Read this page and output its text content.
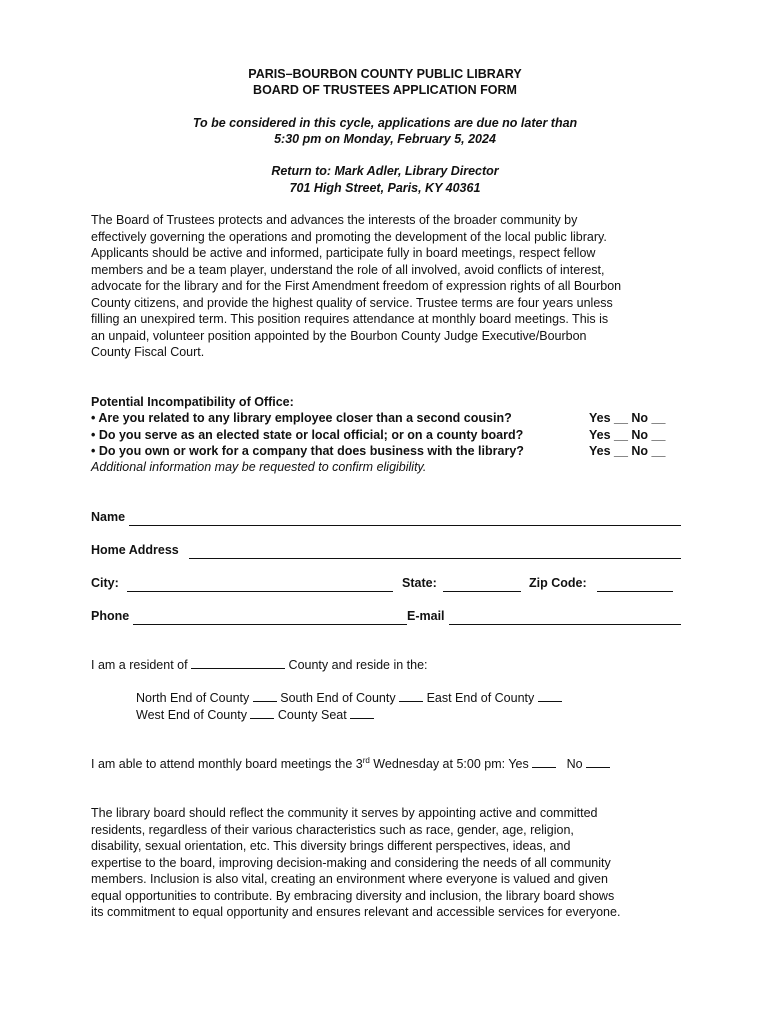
PARIS–BOURBON COUNTY PUBLIC LIBRARY
BOARD OF TRUSTEES APPLICATION FORM
To be considered in this cycle, applications are due no later than
5:30 pm on Monday, February 5, 2024
Return to: Mark Adler, Library Director
701 High Street, Paris, KY 40361
The Board of Trustees protects and advances the interests of the broader community by
effectively governing the operations and promoting the development of the local public library.
Applicants should be active and informed, participate fully in board meetings, respect fellow
members and be a team player, understand the role of all involved, avoid conflicts of interest,
advocate for the library and for the First Amendment freedom of expression rights of all Bourbon
County citizens, and provide the highest quality of service. Trustee terms are four years unless
filling an unexpired term. This position requires attendance at monthly board meetings. This is
an unpaid, volunteer position appointed by the Bourbon County Judge Executive/Bourbon
County Fiscal Court.
Potential Incompatibility of Office:
• Are you related to any library employee closer than a second cousin?	Yes __ No __
• Do you serve as an elected state or local official; or on a county board?	Yes __ No __
• Do you own or work for a company that does business with the library?	Yes __ No __
Additional information may be requested to confirm eligibility.
Name
Home Address
City:	State:	Zip Code:
Phone	E-mail
I am a resident of	County and reside in the:
North End of County South End of County East End of County
West End of County County Seat
I am able to attend monthly board meetings the 3rd Wednesday at 5:00 pm: Yes	No
The library board should reflect the community it serves by appointing active and committed
residents, regardless of their various characteristics such as race, gender, age, religion,
disability, sexual orientation, etc. This diversity brings different perspectives, ideas, and
expertise to the board, improving decision-making and considering the needs of all community
members. Inclusion is also vital, creating an environment where everyone is valued and given
equal opportunities to contribute. By embracing diversity and inclusion, the library board shows
its commitment to equal opportunity and ensures relevant and accessible services for everyone.
